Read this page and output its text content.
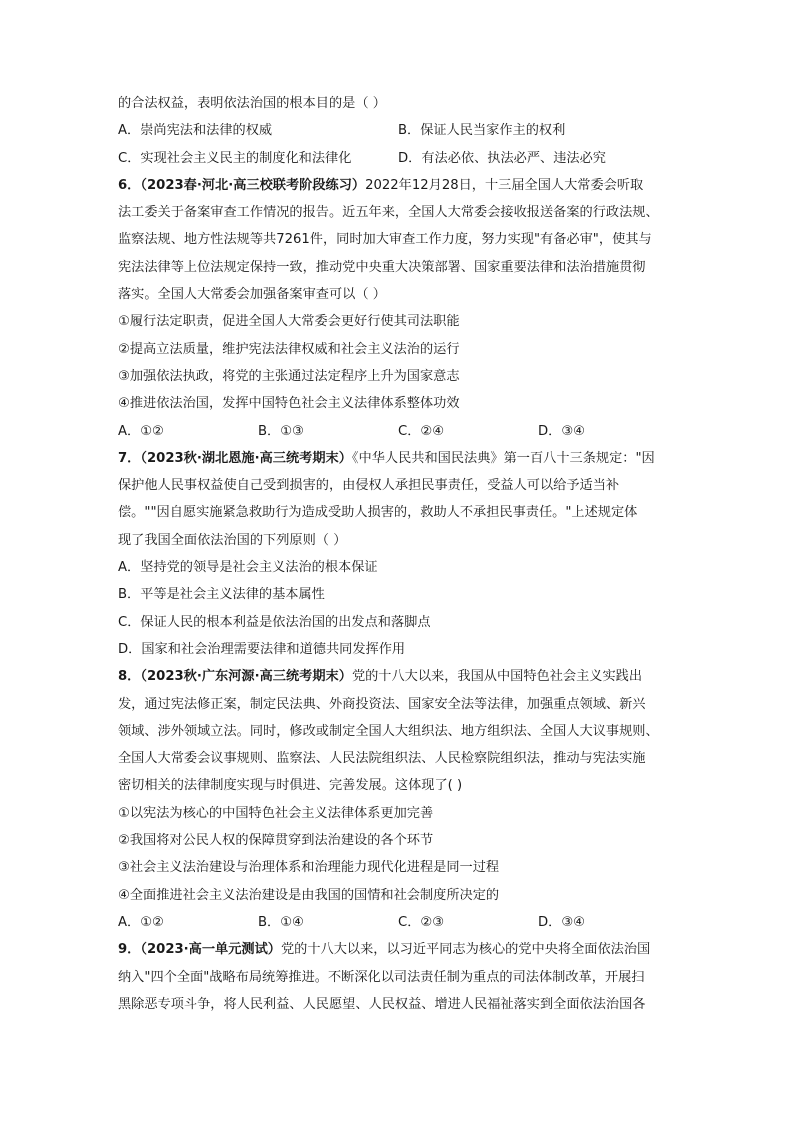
的合法权益，表明依法治国的根本目的是（ ）
A．崇尚宪法和法律的权威	B．保证人民当家作主的权利
C．实现社会主义民主的制度化和法律化	D．有法必依、执法必严、违法必究
6．（2023春·河北·高三校联考阶段练习）2022年12月28日，十三届全国人大常委会听取
法工委关于备案审查工作情况的报告。近五年来，全国人大常委会接收报送备案的行政法规、
监察法规、地方性法规等共7261件，同时加大审查工作力度，努力实现"有备必审"，使其与
宪法法律等上位法规定保持一致，推动党中央重大决策部署、国家重要法律和法治措施贯彻
落实。全国人大常委会加强备案审查可以（ ）
①履行法定职责，促进全国人大常委会更好行使其司法职能
②提高立法质量，维护宪法法律权威和社会主义法治的运行
③加强依法执政，将党的主张通过法定程序上升为国家意志
④推进依法治国，发挥中国特色社会主义法律体系整体功效
A．①②	B．①③	C．②④	D．③④
7．（2023秋·湖北恩施·高三统考期末）《中华人民共和国民法典》第一百八十三条规定："因
保护他人民事权益使自己受到损害的，由侵权人承担民事责任，受益人可以给予适当补
偿。""因自愿实施紧急救助行为造成受助人损害的，救助人不承担民事责任。"上述规定体
现了我国全面依法治国的下列原则（ ）
A．坚持党的领导是社会主义法治的根本保证
B．平等是社会主义法律的基本属性
C．保证人民的根本利益是依法治国的出发点和落脚点
D．国家和社会治理需要法律和道德共同发挥作用
8．（2023秋·广东河源·高三统考期末）党的十八大以来，我国从中国特色社会主义实践出
发，通过宪法修正案，制定民法典、外商投资法、国家安全法等法律，加强重点领域、新兴
领域、涉外领域立法。同时，修改或制定全国人大组织法、地方组织法、全国人大议事规则、
全国人大常委会议事规则、监察法、人民法院组织法、人民检察院组织法，推动与宪法实施
密切相关的法律制度实现与时俱进、完善发展。这体现了( )
①以宪法为核心的中国特色社会主义法律体系更加完善
②我国将对公民人权的保障贯穿到法治建设的各个环节
③社会主义法治建设与治理体系和治理能力现代化进程是同一过程
④全面推进社会主义法治建设是由我国的国情和社会制度所决定的
A．①②	B．①④	C．②③	D．③④
9．（2023·高一单元测试）党的十八大以来，以习近平同志为核心的党中央将全面依法治国
纳入"四个全面"战略布局统筹推进。不断深化以司法责任制为重点的司法体制改革，开展扫
黑除恶专项斗争，将人民利益、人民愿望、人民权益、增进人民福祉落实到全面依法治国各
